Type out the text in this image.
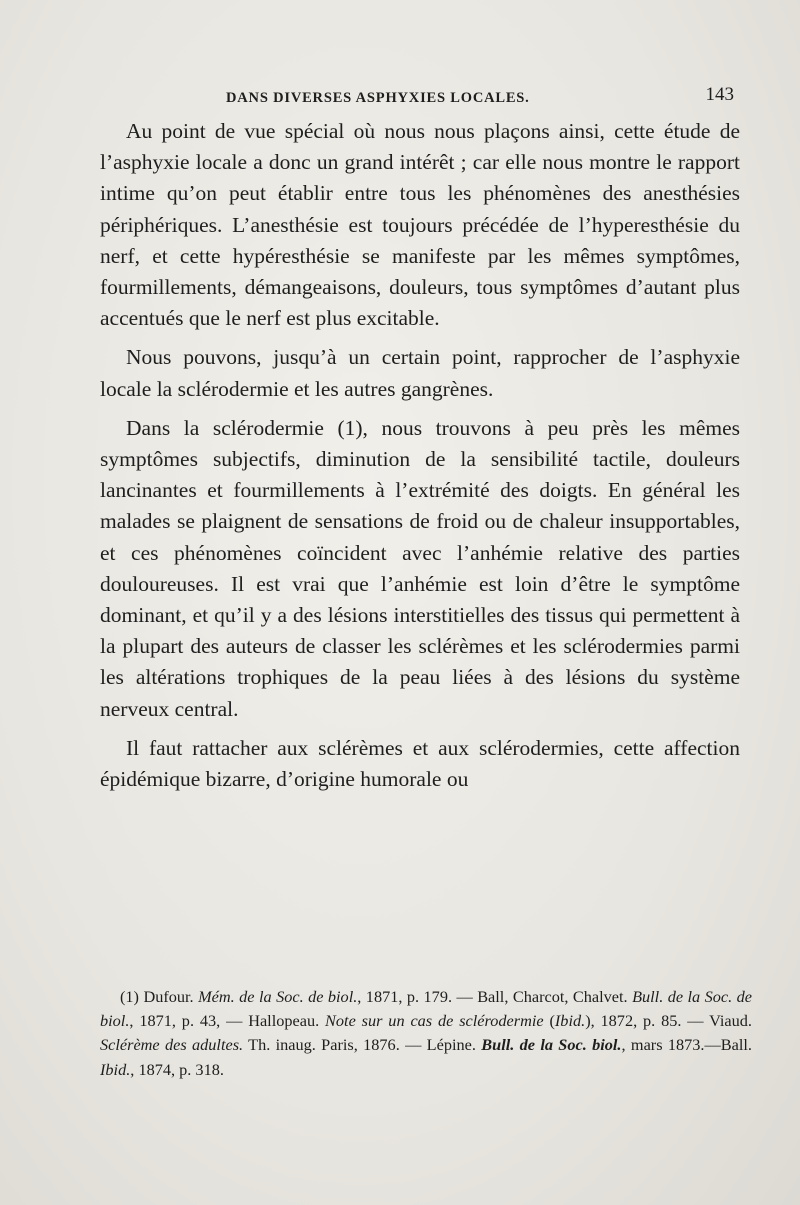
DANS DIVERSES ASPHYXIES LOCALES.	143

Au point de vue spécial où nous nous plaçons ainsi, cette étude de l’asphyxie locale a donc un grand intérêt ; car elle nous montre le rapport intime qu’on peut établir entre tous les phénomènes des anesthésies périphériques. L’anesthésie est toujours précédée de l’hyperesthésie du nerf, et cette hypéresthésie se manifeste par les mêmes symptômes, fourmillements, démangeaisons, douleurs, tous symptômes d’autant plus accentués que le nerf est plus excitable.

Nous pouvons, jusqu’à un certain point, rapprocher de l’asphyxie locale la sclérodermie et les autres gangrènes.

Dans la sclérodermie (1), nous trouvons à peu près les mêmes symptômes subjectifs, diminution de la sensibilité tactile, douleurs lancinantes et fourmillements à l’extrémité des doigts. En général les malades se plaignent de sensations de froid ou de chaleur insupportables, et ces phénomènes coïncident avec l’anhémie relative des parties douloureuses. Il est vrai que l’anhémie est loin d’être le symptôme dominant, et qu’il y a des lésions interstitielles des tissus qui permettent à la plupart des auteurs de classer les sclérèmes et les sclérodermies parmi les altérations trophiques de la peau liées à des lésions du système nerveux central.

Il faut rattacher aux sclérèmes et aux sclérodermies, cette affection épidémique bizarre, d’origine humorale ou

(1) Dufour. Mém. de la Soc. de biol., 1871, p. 179. — Ball, Charcot, Chalvet. Bull. de la Soc. de biol., 1871, p. 43, — Hallopeau. Note sur un cas de sclérodermie (Ibid.), 1872, p. 85. — Viaud. Sclérème des adultes. Th. inaug. Paris, 1876. — Lépine. Bull. de la Soc. biol., mars 1873.—Ball. Ibid., 1874, p. 318.
